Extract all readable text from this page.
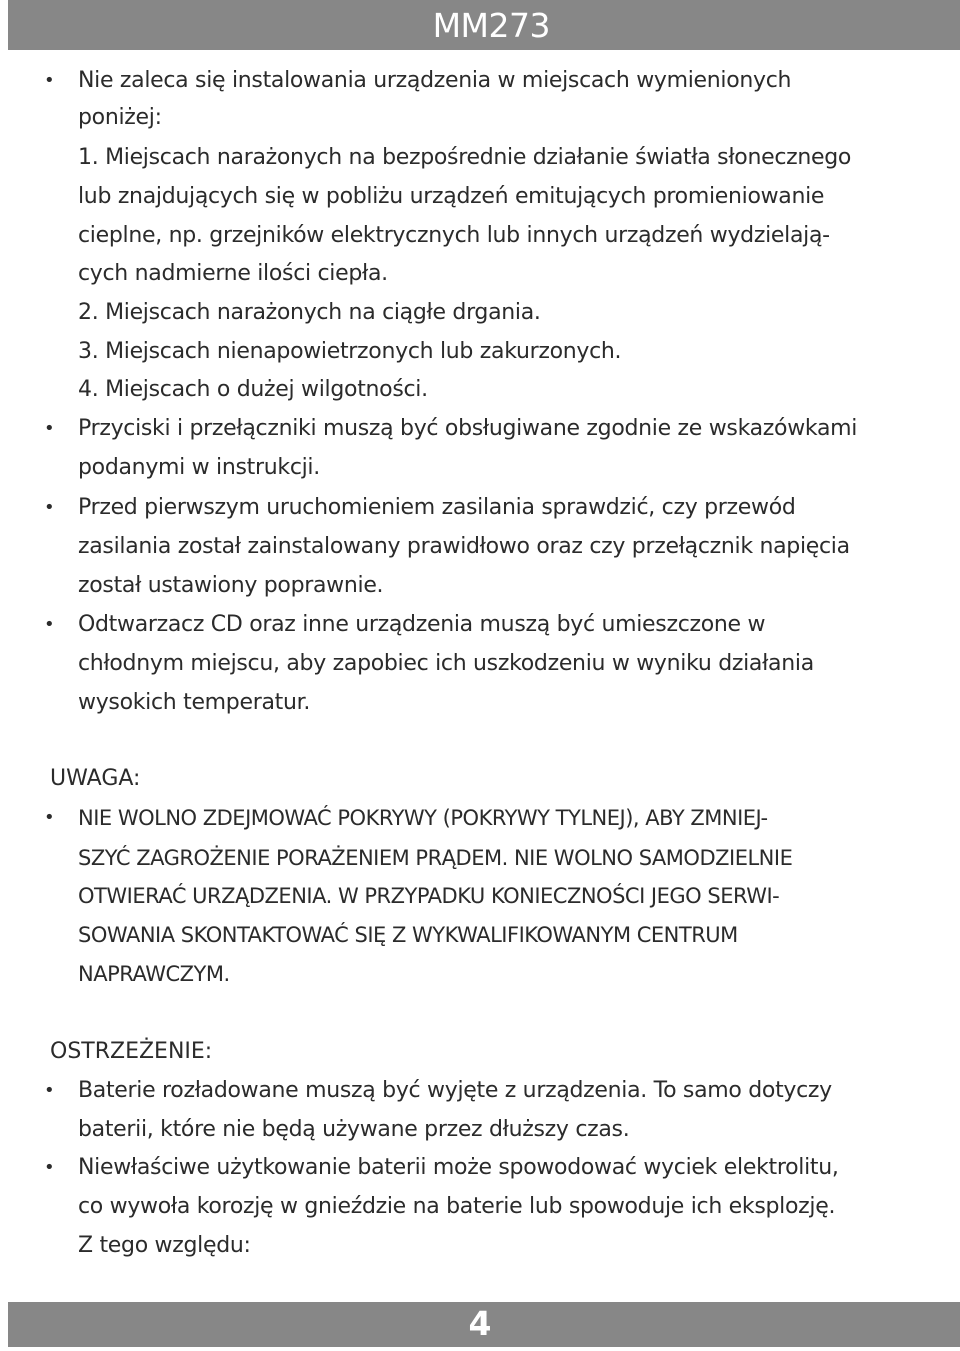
MM273
• Nie zaleca się instalowania urządzenia w miejscach wymienionych
poniżej:
1. Miejscach narażonych na bezpośrednie działanie światła słonecznego
lub znajdujących się w pobliżu urządzeń emitujących promieniowanie
cieplne, np. grzejników elektrycznych lub innych urządzeń wydzielają-
cych nadmierne ilości ciepła.
2. Miejscach narażonych na ciągłe drgania.
3. Miejscach nienapowietrzonych lub zakurzonych.
4. Miejscach o dużej wilgotności.
• Przyciski i przełączniki muszą być obsługiwane zgodnie ze wskazówkami
podanymi w instrukcji.
• Przed pierwszym uruchomieniem zasilania sprawdzić, czy przewód
zasilania został zainstalowany prawidłowo oraz czy przełącznik napięcia
został ustawiony poprawnie.
• Odtwarzacz CD oraz inne urządzenia muszą być umieszczone w
chłodnym miejscu, aby zapobiec ich uszkodzeniu w wyniku działania
wysokich temperatur.
UWAGA:
• NIE WOLNO ZDEJMOWAĆ POKRYWY (POKRYWY TYLNEJ), ABY ZMNIEJ-
SZYĆ ZAGROŻENIE PORAŻENIEM PRĄDEM. NIE WOLNO SAMODZIELNIE
OTWIERAĆ URZĄDZENIA. W PRZYPADKU KONIECZNOŚCI JEGO SERWI-
SOWANIA SKONTAKTOWAĆ SIĘ Z WYKWALIFIKOWANYM CENTRUM
NAPRAWCZYM.
OSTRZEŻENIE:
• Baterie rozładowane muszą być wyjęte z urządzenia. To samo dotyczy
baterii, które nie będą używane przez dłuższy czas.
• Niewłaściwe użytkowanie baterii może spowodować wyciek elektrolitu,
co wywoła korozję w gnieździe na baterie lub spowoduje ich eksplozję.
Z tego względu:
4
